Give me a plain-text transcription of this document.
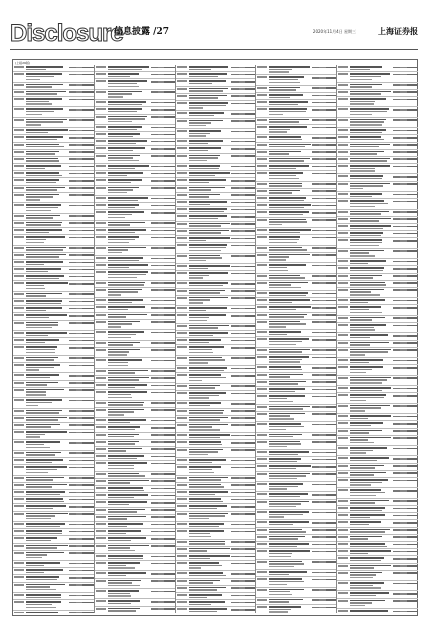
Disclosure
信息披露 /27	2020年11月4日 星期三	上海证券报
(上接26版)
